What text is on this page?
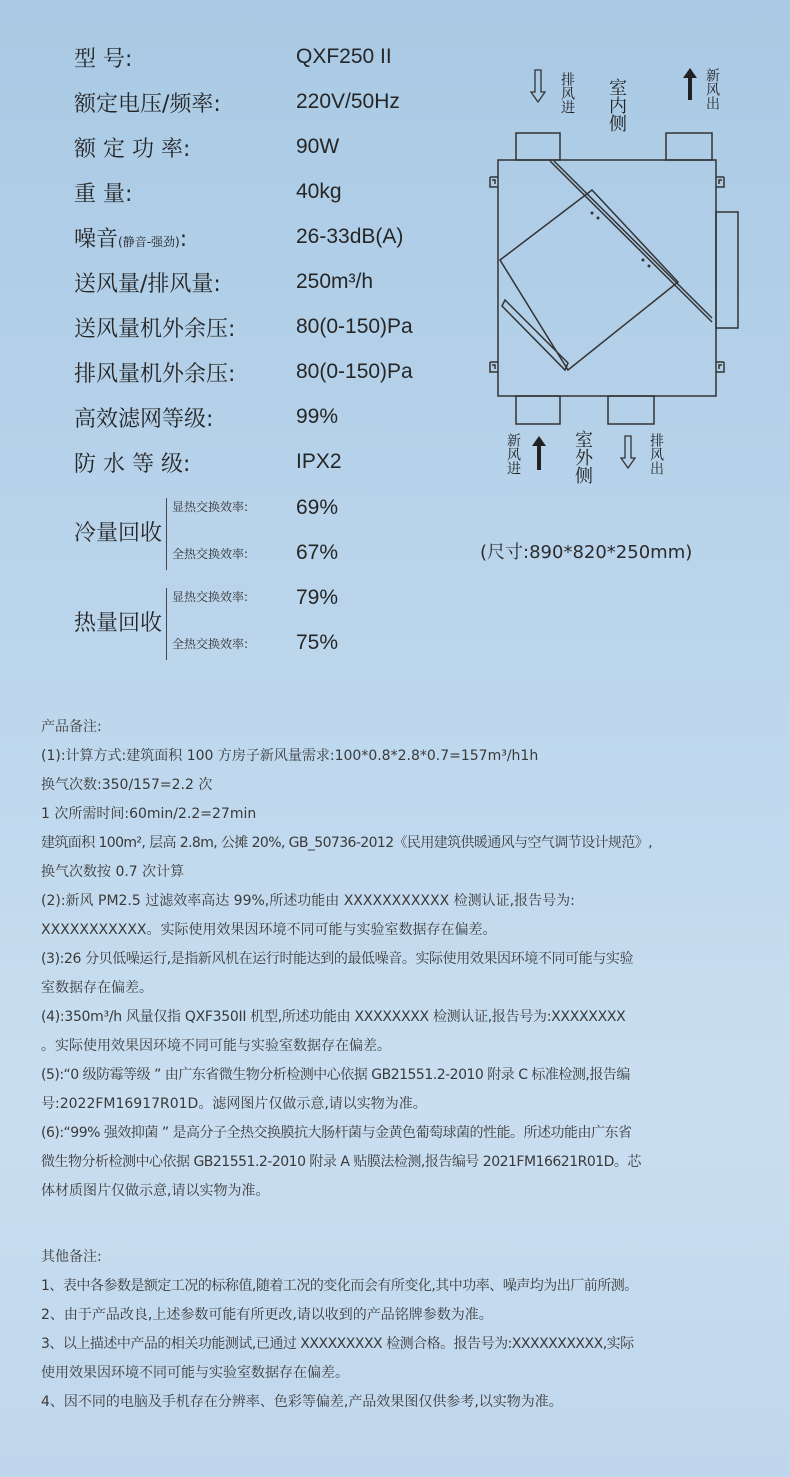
型 号:	QXF250 II
额定电压/频率:	220V/50Hz
额 定 功 率:	90W
重 量:	40kg
噪音 (静音-强劲) :	26-33dB(A)
送风量/排风量:	250m³/h
送风量机外余压:	80(0-150)Pa
排风量机外余压:	80(0-150)Pa
高效滤网等级:	99%
防 水 等 级:	IPX2
冷量回收
显热交换效率: 69%
全热交换效率: 67%
热量回收
显热交换效率: 79%
全热交换效率: 75%
排风进 室内侧	新风出
新风进	室外侧	排风出
(尺寸:890*820*250mm)
产品备注:
(1):计算方式:建筑面积 100 方房子新风量需求:100*0.8*2.8*0.7=157m³/h1h
换气次数:350/157=2.2 次
1 次所需时间:60min/2.2=27min
建筑面积 100m², 层高 2.8m, 公摊 20%, GB_50736-2012《民用建筑供暖通风与空气调节设计规范》,
换气次数按 0.7 次计算
(2):新风 PM2.5 过滤效率高达 99%,所述功能由 XXXXXXXXXXX 检测认证,报告号为:
XXXXXXXXXXX。实际使用效果因环境不同可能与实验室数据存在偏差。
(3):26 分贝低噪运行,是指新风机在运行时能达到的最低噪音。实际使用效果因环境不同可能与实验
室数据存在偏差。
(4):350m³/h 风量仅指 QXF350II 机型,所述功能由 XXXXXXXX 检测认证,报告号为:XXXXXXXX
。实际使用效果因环境不同可能与实验室数据存在偏差。
(5):“0 级防霉等级 ” 由广东省微生物分析检测中心依据 GB21551.2-2010 附录 C 标准检测,报告编
号:2022FM16917R01D。滤网图片仅做示意,请以实物为准。
(6):“99% 强效抑菌 ” 是高分子全热交换膜抗大肠杆菌与金黄色葡萄球菌的性能。所述功能由广东省
微生物分析检测中心依据 GB21551.2-2010 附录 A 贴膜法检测,报告编号 2021FM16621R01D。芯
体材质图片仅做示意,请以实物为准。
其他备注:
1、表中各参数是额定工况的标称值,随着工况的变化而会有所变化,其中功率、噪声均为出厂前所测。
2、由于产品改良,上述参数可能有所更改,请以收到的产品铭牌参数为准。
3、以上描述中产品的相关功能测试,已通过 XXXXXXXXX 检测合格。报告号为:XXXXXXXXXX,实际
使用效果因环境不同可能与实验室数据存在偏差。
4、因不同的电脑及手机存在分辨率、色彩等偏差,产品效果图仅供参考,以实物为准。
